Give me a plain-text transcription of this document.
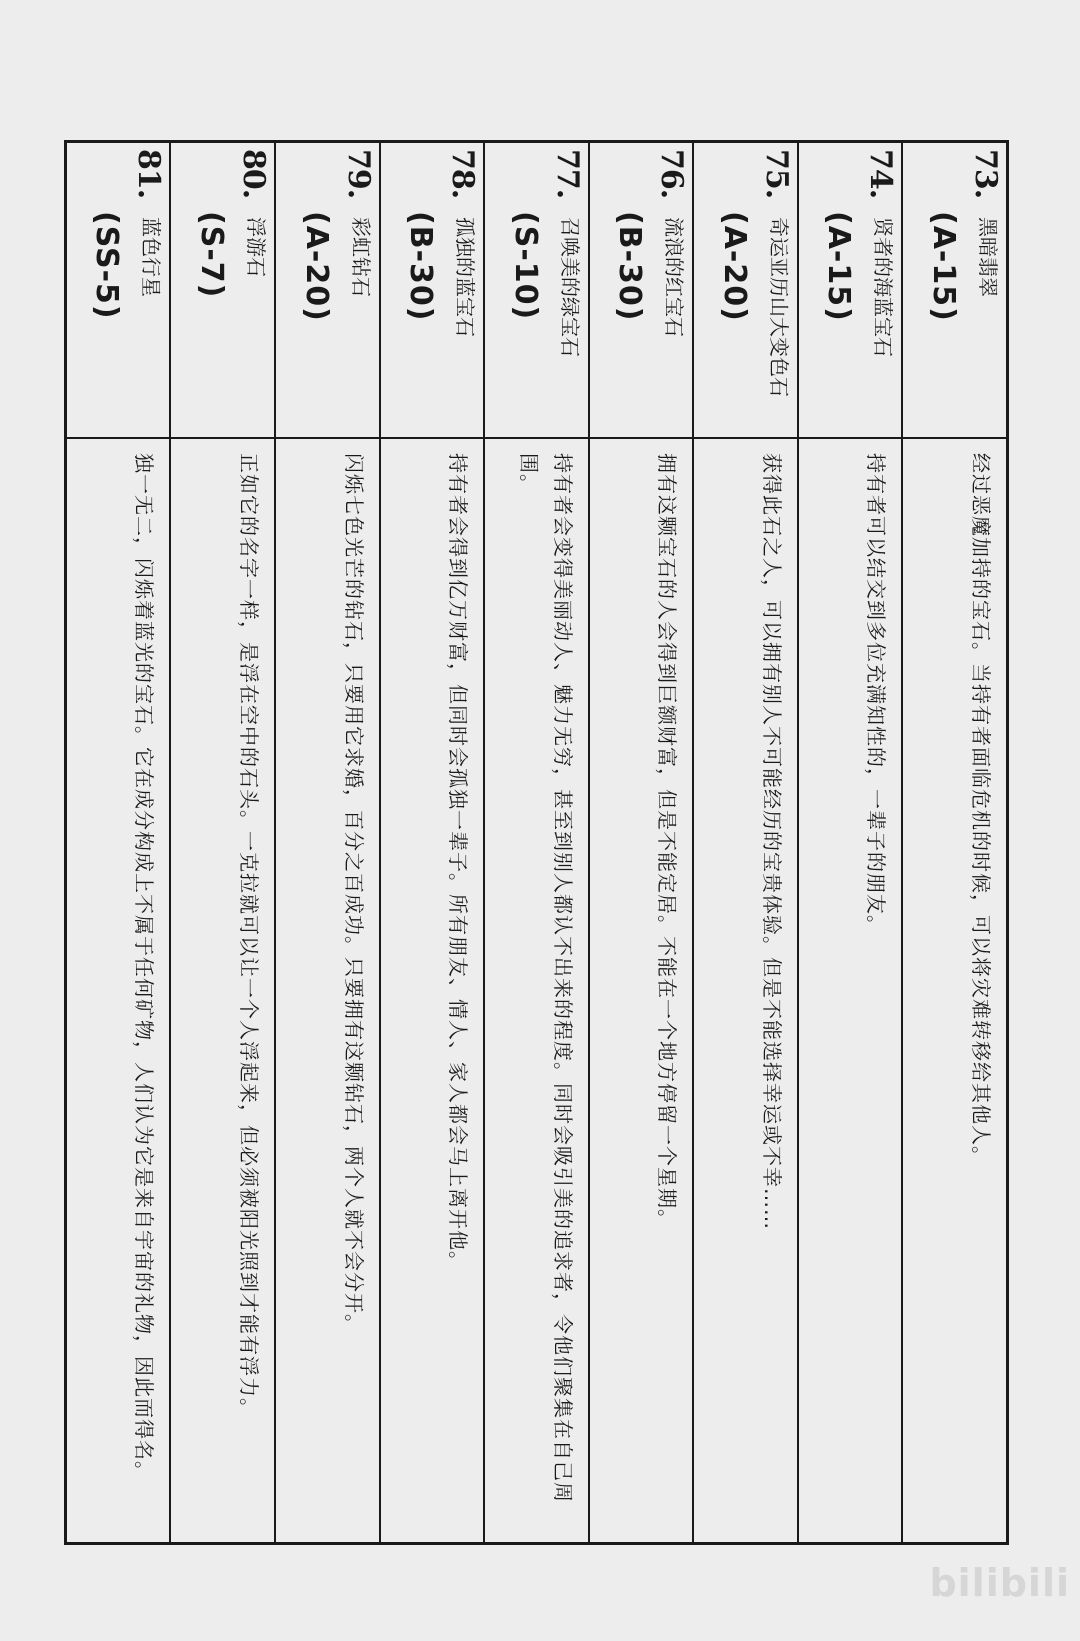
73.
黑暗翡翠
(A-15)
经过恶魔加持的宝石。当持有者面临危机的时候，可以将灾难转移给其他人。
74.
贤者的海蓝宝石
(A-15)
持有者可以结交到多位充满知性的，一辈子的朋友。
75.
奇运亚历山大变色石
(A-20)
获得此石之人，可以拥有别人不可能经历的宝贵体验。但是不能选择幸运或不幸……
76.
流浪的红宝石
(B-30)
拥有这颗宝石的人会得到巨额财富，但是不能定居。不能在一个地方停留一个星期。
77.
召唤美的绿宝石
(S-10)
持有者会变得美丽动人、魅力无穷，甚至到别人都认不出来的程度。同时会吸引美的追求者，令他们聚集在自己周围。
78.
孤独的蓝宝石
(B-30)
持有者会得到亿万财富，但同时会孤独一辈子。所有朋友、情人、家人都会马上离开他。
79.
彩虹钻石
(A-20)
闪烁七色光芒的钻石，只要用它求婚，百分之百成功。只要拥有这颗钻石，两个人就不会分开。
80.
浮游石
(S-7)
正如它的名字一样，是浮在空中的石头。一克拉就可以让一个人浮起来，但必须被阳光照到才能有浮力。
81.
蓝色行星
(SS-5)
独一无二，闪烁着蓝光的宝石。它在成分构成上不属于任何矿物，人们认为它是来自宇宙的礼物，因此而得名。
bilibili
